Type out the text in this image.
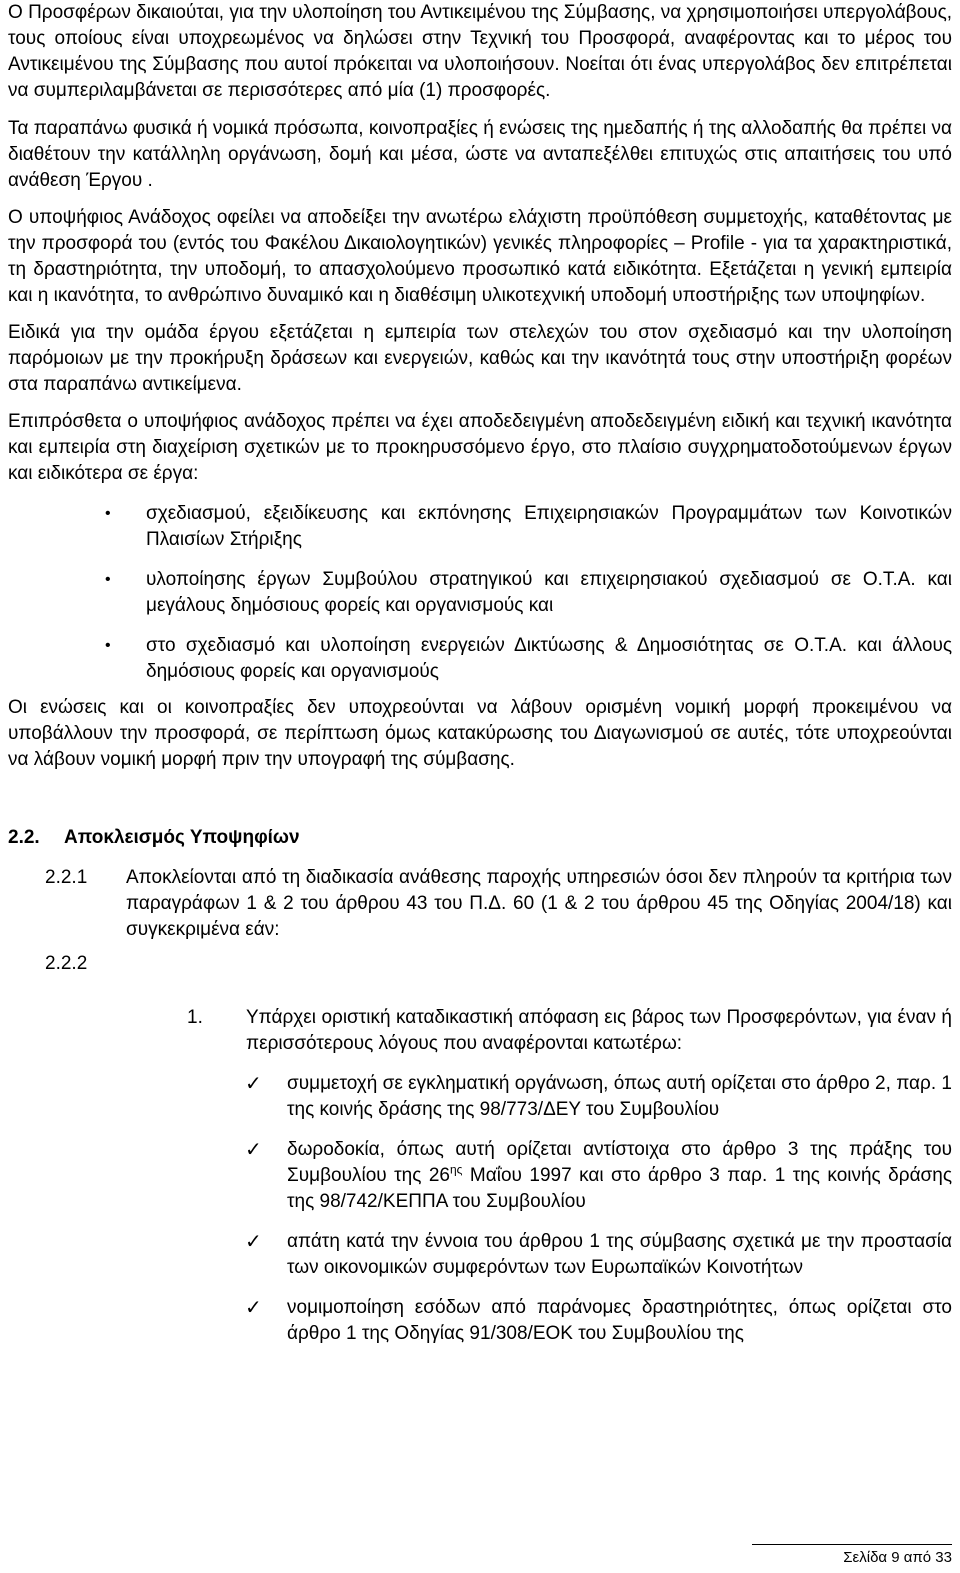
Ο Προσφέρων δικαιούται, για την υλοποίηση του Αντικειμένου της Σύμβασης, να χρησιμοποιήσει υπεργολάβους, τους οποίους είναι υποχρεωμένος να δηλώσει στην Τεχνική του Προσφορά, αναφέροντας και το μέρος του Αντικειμένου της Σύμβασης που αυτοί πρόκειται να υλοποιήσουν. Νοείται ότι ένας υπεργολάβος δεν επιτρέπεται να συμπεριλαμβάνεται σε περισσότερες από μία (1) προσφορές.

Τα παραπάνω φυσικά ή νομικά πρόσωπα, κοινοπραξίες ή ενώσεις της ημεδαπής ή της αλλοδαπής θα πρέπει να διαθέτουν την κατάλληλη οργάνωση, δομή και μέσα, ώστε να ανταπεξέλθει επιτυχώς στις απαιτήσεις του υπό ανάθεση Έργου .

Ο υποψήφιος Ανάδοχος οφείλει να αποδείξει την ανωτέρω ελάχιστη προϋπόθεση συμμετοχής, καταθέτοντας με την προσφορά του (εντός του Φακέλου Δικαιολογητικών) γενικές πληροφορίες – Profile - για τα χαρακτηριστικά, τη δραστηριότητα, την υποδομή, το απασχολούμενο προσωπικό κατά ειδικότητα. Εξετάζεται η γενική εμπειρία και η ικανότητα, το ανθρώπινο δυναμικό και η διαθέσιμη υλικοτεχνική υποδομή υποστήριξης των υποψηφίων.

Ειδικά για την ομάδα έργου εξετάζεται η εμπειρία των στελεχών του στον σχεδιασμό και την υλοποίηση παρόμοιων με την προκήρυξη δράσεων και ενεργειών, καθώς και την ικανότητά τους στην υποστήριξη φορέων στα παραπάνω αντικείμενα.

Επιπρόσθετα ο υποψήφιος ανάδοχος πρέπει να έχει αποδεδειγμένη αποδεδειγμένη ειδική και τεχνική ικανότητα και εμπειρία στη διαχείριση σχετικών με το προκηρυσσόμενο έργο, στο πλαίσιο συγχρηματοδοτούμενων έργων και ειδικότερα σε έργα:

• σχεδιασμού, εξειδίκευσης και εκπόνησης Επιχειρησιακών Προγραμμάτων των Κοινοτικών Πλαισίων Στήριξης
• υλοποίησης έργων Συμβούλου στρατηγικού και επιχειρησιακού σχεδιασμού σε Ο.Τ.Α. και μεγάλους δημόσιους φορείς και οργανισμούς και
• στο σχεδιασμό και υλοποίηση ενεργειών Δικτύωσης & Δημοσιότητας σε Ο.Τ.Α. και άλλους δημόσιους φορείς και οργανισμούς

Οι ενώσεις και οι κοινοπραξίες δεν υποχρεούνται να λάβουν ορισμένη νομική μορφή προκειμένου να υποβάλλουν την προσφορά, σε περίπτωση όμως κατακύρωσης του Διαγωνισμού σε αυτές, τότε υποχρεούνται να λάβουν νομική μορφή πριν την υπογραφή της σύμβασης.

2.2. Αποκλεισμός Υποψηφίων
2.2.1 Αποκλείονται από τη διαδικασία ανάθεσης παροχής υπηρεσιών όσοι δεν πληρούν τα κριτήρια των παραγράφων 1 & 2 του άρθρου 43 του Π.Δ. 60 (1 & 2 του άρθρου 45 της Οδηγίας 2004/18) και συγκεκριμένα εάν:
2.2.2
1. Υπάρχει οριστική καταδικαστική απόφαση εις βάρος των Προσφερόντων, για έναν ή περισσότερους λόγους που αναφέρονται κατωτέρω:
✓ συμμετοχή σε εγκληματική οργάνωση, όπως αυτή ορίζεται στο άρθρο 2, παρ. 1 της κοινής δράσης της 98/773/ΔΕΥ του Συμβουλίου
✓ δωροδοκία, όπως αυτή ορίζεται αντίστοιχα στο άρθρο 3 της πράξης του Συμβουλίου της $26^{\eta\varsigma}$ Μαΐου 1997 και στο άρθρο 3 παρ. 1 της κοινής δράσης της 98/742/ΚΕΠΠΑ του Συμβουλίου
✓ απάτη κατά την έννοια του άρθρου 1 της σύμβασης σχετικά με την προστασία των οικονομικών συμφερόντων των Ευρωπαϊκών Κοινοτήτων
✓ νομιμοποίηση εσόδων από παράνομες δραστηριότητες, όπως ορίζεται στο άρθρο 1 της Οδηγίας 91/308/ΕΟΚ του Συμβουλίου της
Σελίδα 9 από 33
